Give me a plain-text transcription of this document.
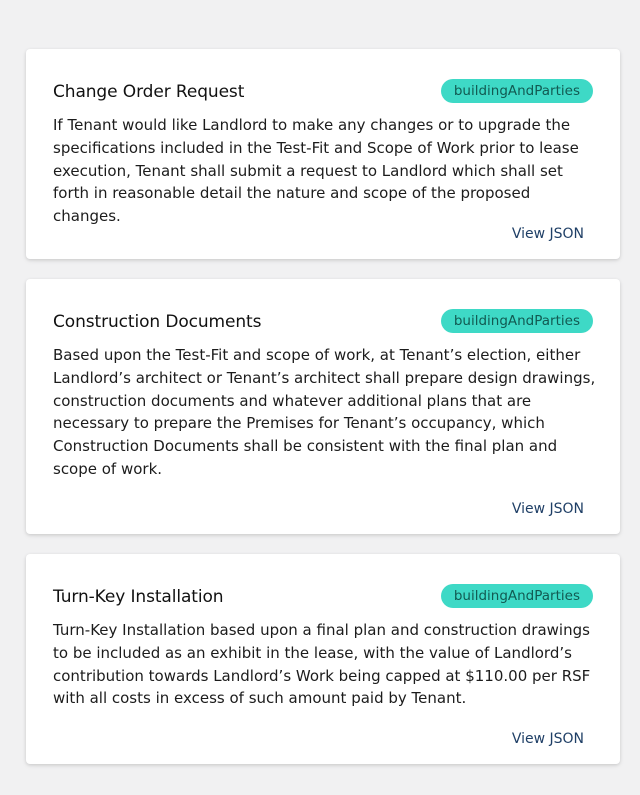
Change Order Request	buildingAndParties

If Tenant would like Landlord to make any changes or to upgrade the specifications included in the Test-Fit and Scope of Work prior to lease execution, Tenant shall submit a request to Landlord which shall set forth in reasonable detail the nature and scope of the proposed changes.

View JSON
Construction Documents	buildingAndParties

Based upon the Test-Fit and scope of work, at Tenant’s election, either Landlord’s architect or Tenant’s architect shall prepare design drawings, construction documents and whatever additional plans that are necessary to prepare the Premises for Tenant’s occupancy, which Construction Documents shall be consistent with the final plan and scope of work.

View JSON
Turn-Key Installation	buildingAndParties

Turn-Key Installation based upon a final plan and construction drawings to be included as an exhibit in the lease, with the value of Landlord’s contribution towards Landlord’s Work being capped at $110.00 per RSF with all costs in excess of such amount paid by Tenant.

View JSON
